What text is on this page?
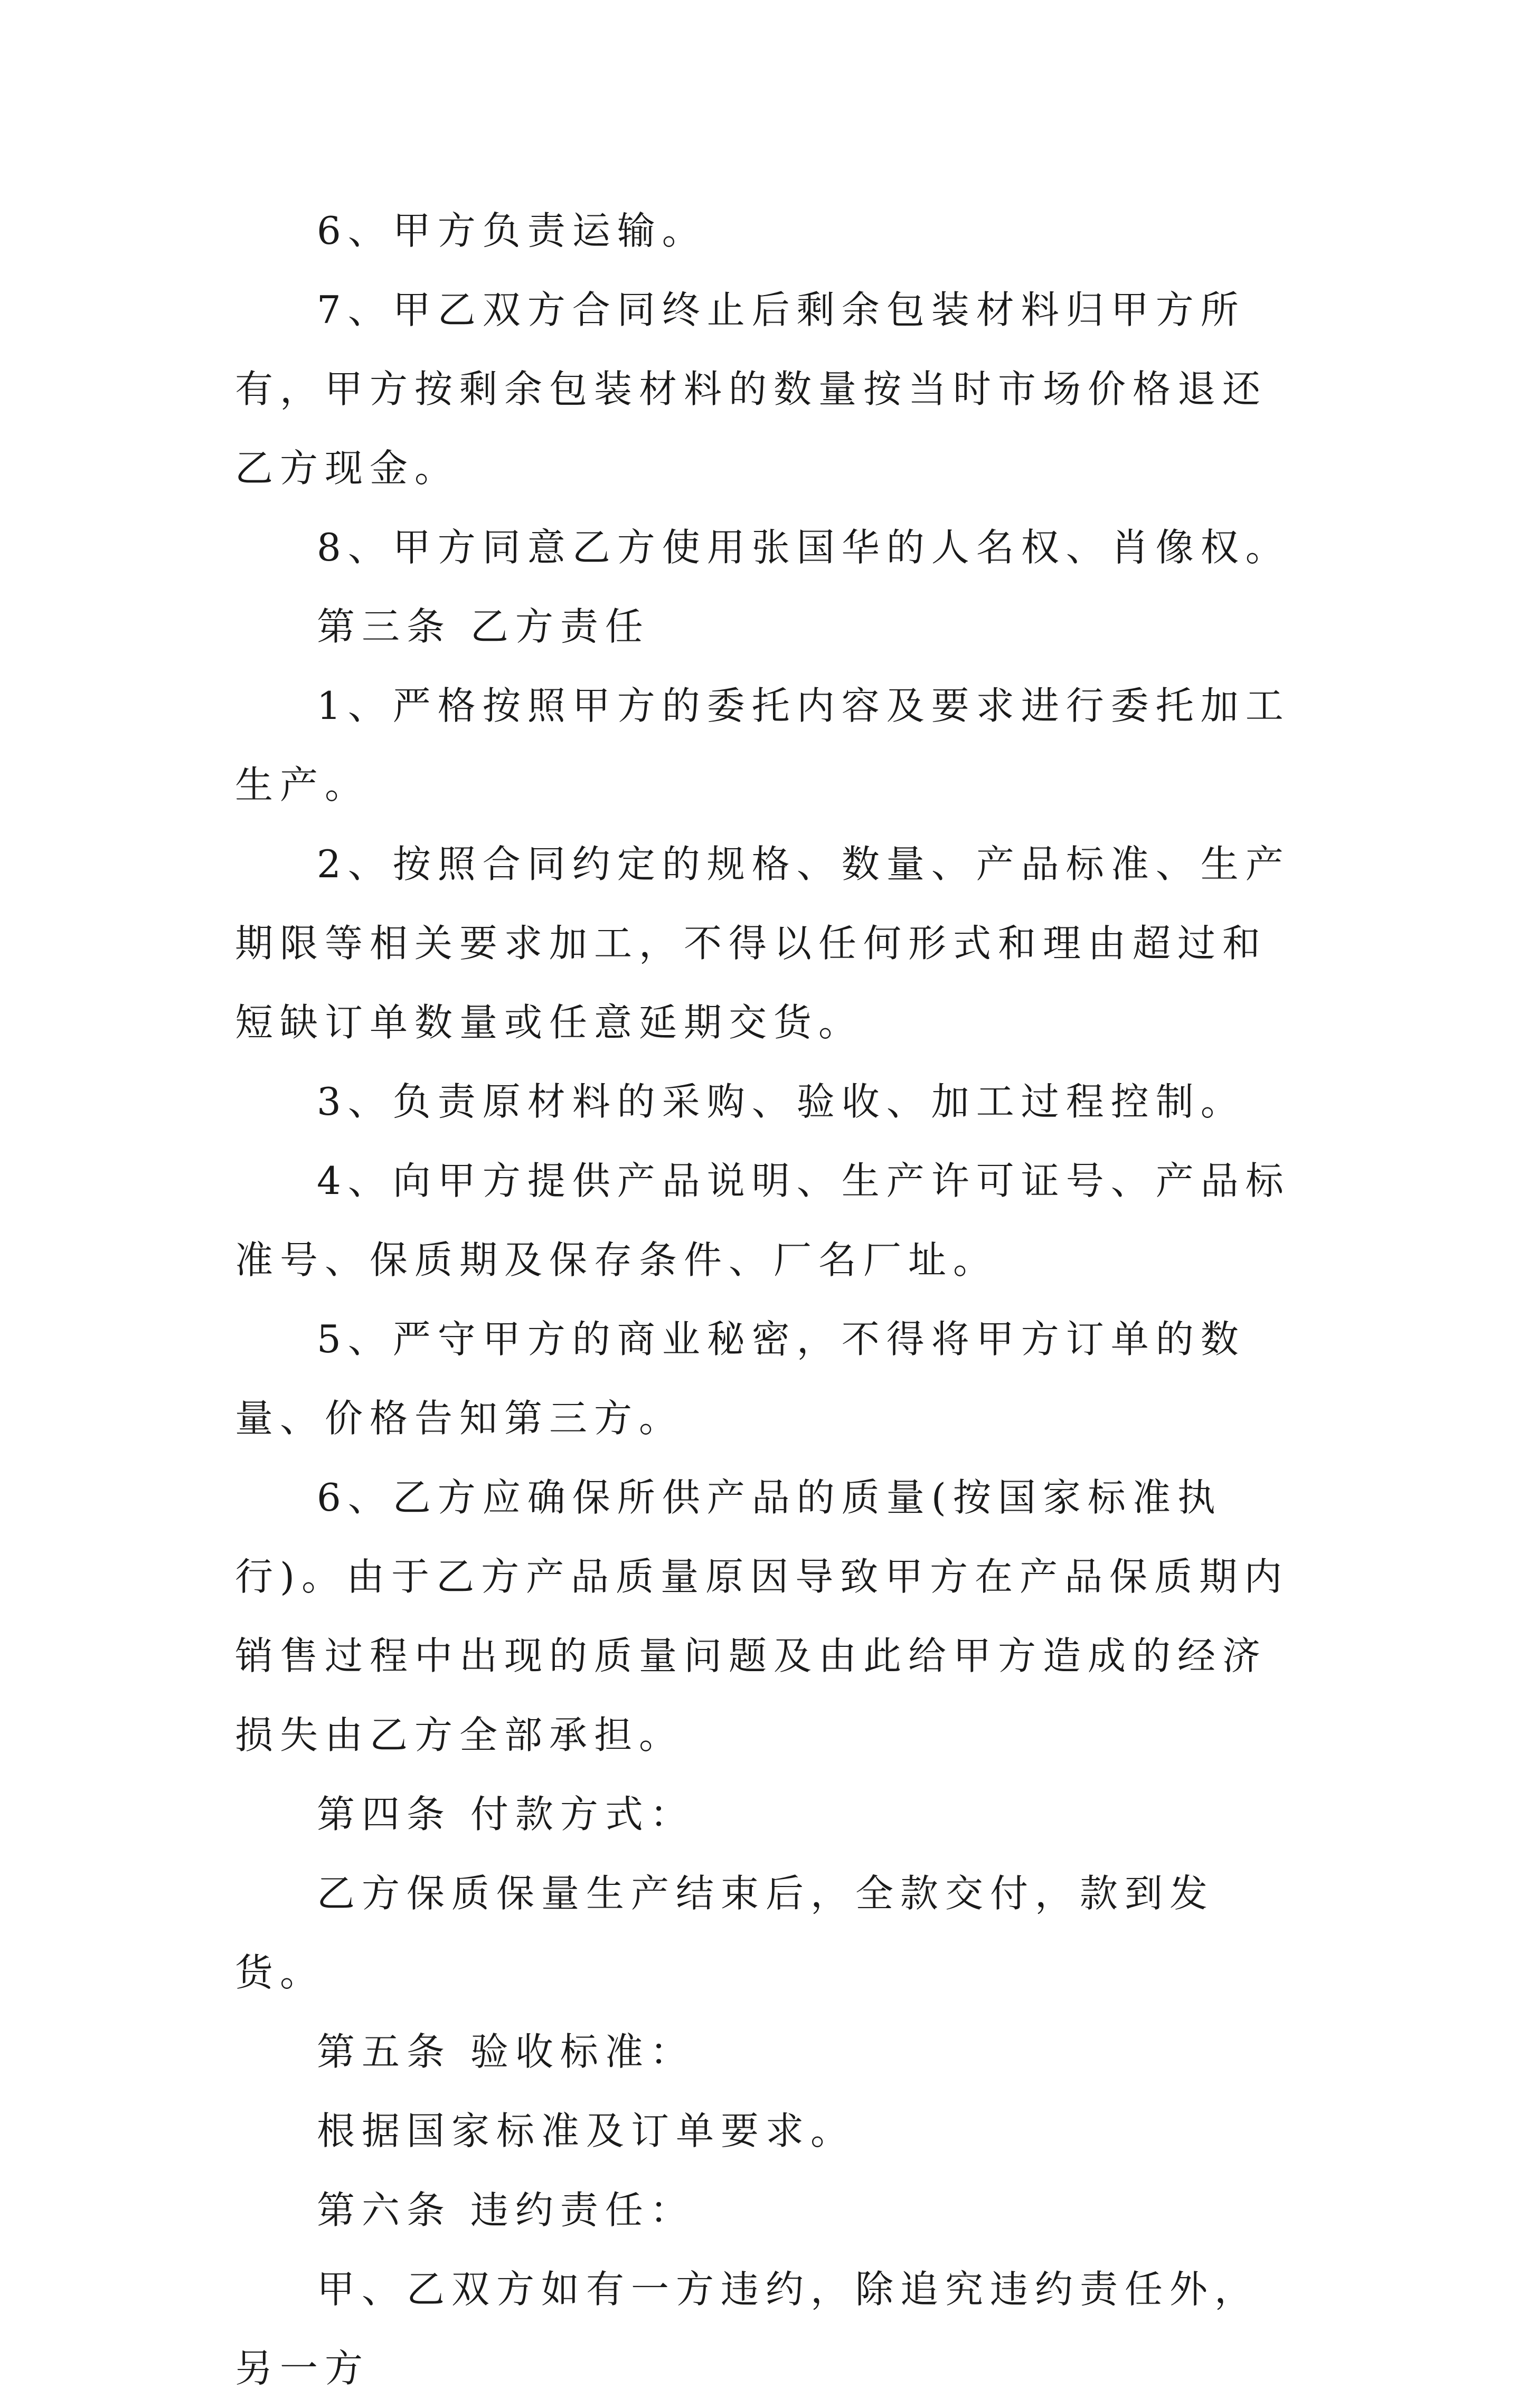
6、甲方负责运输。

7、甲乙双方合同终止后剩余包装材料归甲方所有，甲方按剩余包装材料的数量按当时市场价格退还乙方现金。

8、甲方同意乙方使用张国华的人名权、肖像权。

第三条 乙方责任

1、严格按照甲方的委托内容及要求进行委托加工生产。

2、按照合同约定的规格、数量、产品标准、生产期限等相关要求加工，不得以任何形式和理由超过和短缺订单数量或任意延期交货。

3、负责原材料的采购、验收、加工过程控制。

4、向甲方提供产品说明、生产许可证号、产品标准号、保质期及保存条件、厂名厂址。

5、严守甲方的商业秘密，不得将甲方订单的数量、价格告知第三方。

6、乙方应确保所供产品的质量(按国家标准执行)。由于乙方产品质量原因导致甲方在产品保质期内销售过程中出现的质量问题及由此给甲方造成的经济损失由乙方全部承担。

第四条 付款方式：

乙方保质保量生产结束后，全款交付，款到发货。

第五条 验收标准：

根据国家标准及订单要求。

第六条 违约责任：

甲、乙双方如有一方违约，除追究违约责任外，另一方
